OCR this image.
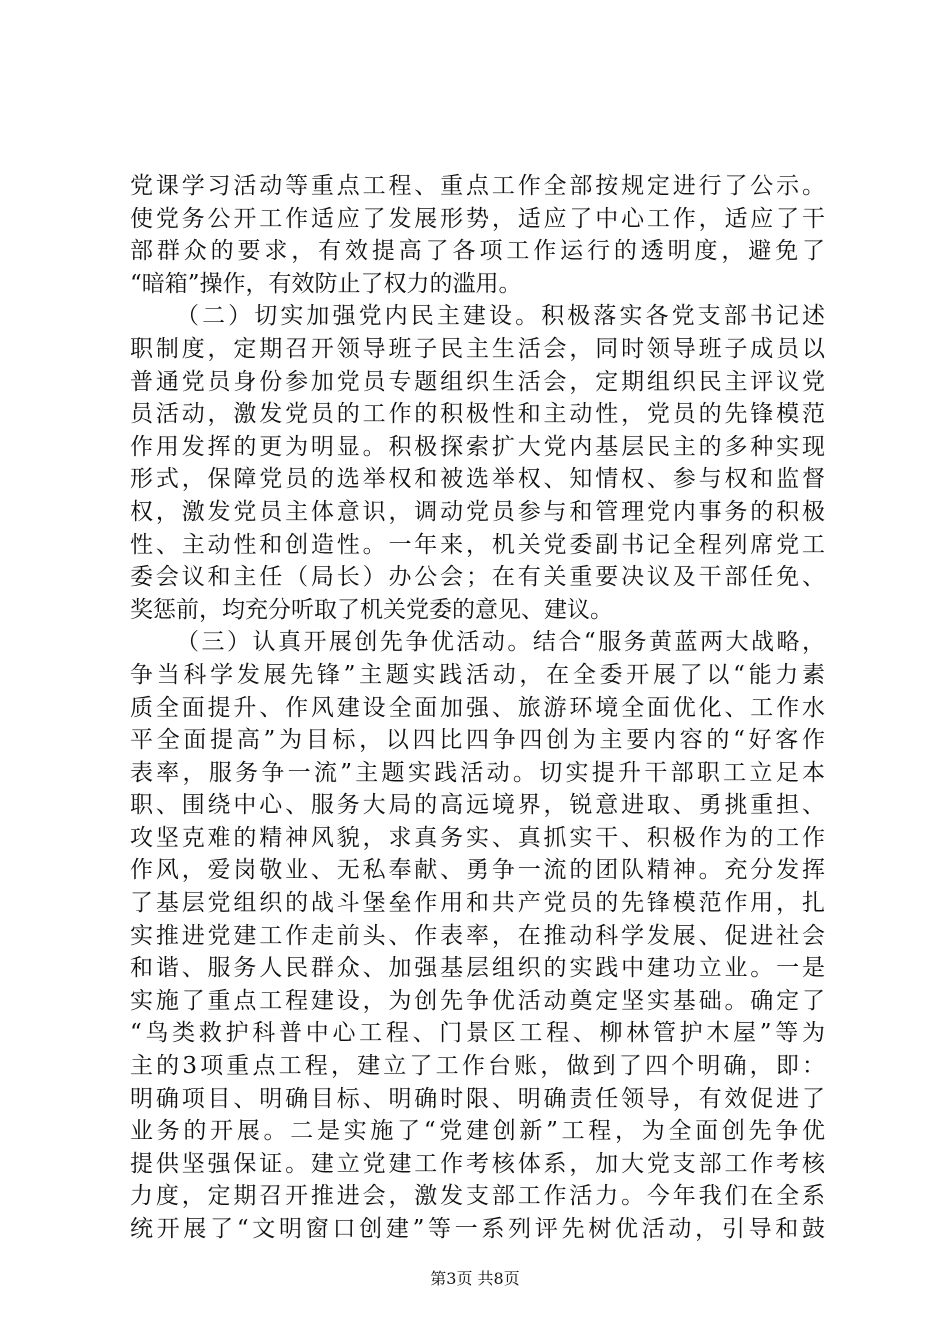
党课学习活动等重点工程、重点工作全部按规定进行了公示。
使党务公开工作适应了发展形势，适应了中心工作，适应了干
部群众的要求，有效提高了各项工作运行的透明度，避免了
“暗箱”操作，有效防止了权力的滥用。
（二）切实加强党内民主建设。积极落实各党支部书记述
职制度，定期召开领导班子民主生活会，同时领导班子成员以
普通党员身份参加党员专题组织生活会，定期组织民主评议党
员活动，激发党员的工作的积极性和主动性，党员的先锋模范
作用发挥的更为明显。积极探索扩大党内基层民主的多种实现
形式，保障党员的选举权和被选举权、知情权、参与权和监督
权，激发党员主体意识，调动党员参与和管理党内事务的积极
性、主动性和创造性。一年来，机关党委副书记全程列席党工
委会议和主任（局长）办公会；在有关重要决议及干部任免、
奖惩前，均充分听取了机关党委的意见、建议。
（三）认真开展创先争优活动。结合“服务黄蓝两大战略，
争当科学发展先锋”主题实践活动，在全委开展了以“能力素
质全面提升、作风建设全面加强、旅游环境全面优化、工作水
平全面提高”为目标，以四比四争四创为主要内容的“好客作
表率，服务争一流”主题实践活动。切实提升干部职工立足本
职、围绕中心、服务大局的高远境界，锐意进取、勇挑重担、
攻坚克难的精神风貌，求真务实、真抓实干、积极作为的工作
作风，爱岗敬业、无私奉献、勇争一流的团队精神。充分发挥
了基层党组织的战斗堡垒作用和共产党员的先锋模范作用，扎
实推进党建工作走前头、作表率，在推动科学发展、促进社会
和谐、服务人民群众、加强基层组织的实践中建功立业。一是
实施了重点工程建设，为创先争优活动奠定坚实基础。确定了
“鸟类救护科普中心工程、门景区工程、柳林管护木屋”等为
主的3项重点工程，建立了工作台账，做到了四个明确，即：
明确项目、明确目标、明确时限、明确责任领导，有效促进了
业务的开展。二是实施了“党建创新”工程，为全面创先争优
提供坚强保证。建立党建工作考核体系，加大党支部工作考核
力度，定期召开推进会，激发支部工作活力。今年我们在全系
统开展了“文明窗口创建”等一系列评先树优活动，引导和鼓
第3页 共8页
